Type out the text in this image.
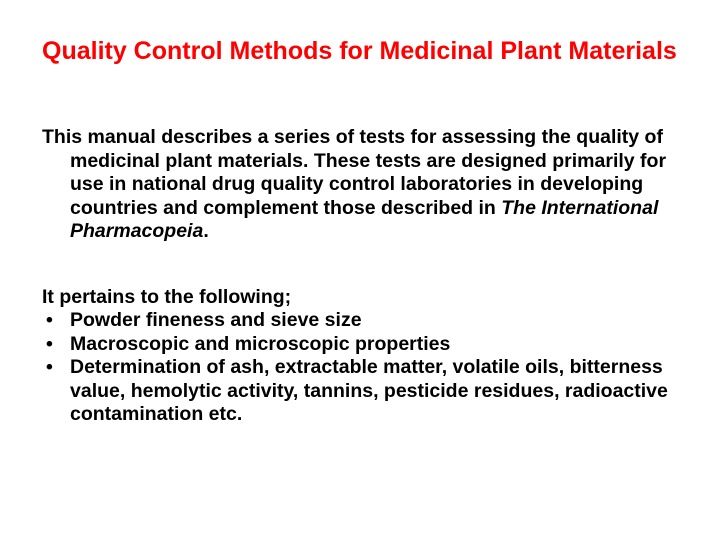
Quality Control Methods for Medicinal Plant Materials

This manual describes a series of tests for assessing the quality of medicinal plant materials. These tests are designed primarily for use in national drug quality control laboratories in developing countries and complement those described in The International Pharmacopeia.

It pertains to the following;

• Powder fineness and sieve size
• Macroscopic and microscopic properties
• Determination of ash, extractable matter, volatile oils, bitterness value, hemolytic activity, tannins, pesticide residues, radioactive contamination etc.
